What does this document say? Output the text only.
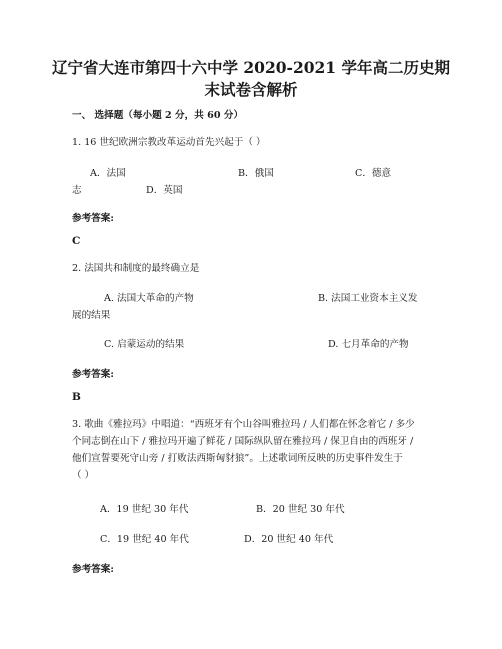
辽宁省大连市第四十六中学 2020-2021 学年高二历史期
末试卷含解析
一、 选择题（每小题 2 分，共 60 分）
1. 16 世纪欧洲宗教改革运动首先兴起于（ ）
A．法国	B．俄国	C．德意
志	D．英国
参考答案:
C
2. 法国共和制度的最终确立是
A. 法国大革命的产物	B. 法国工业资本主义发
展的结果
C. 启蒙运动的结果	D. 七月革命的产物
参考答案:
B
3. 歌曲《雅拉玛》中唱道：“西班牙有个山谷叫雅拉玛 / 人们都在怀念着它 / 多少
个同志倒在山下 / 雅拉玛开遍了鲜花 / 国际纵队留在雅拉玛 / 保卫自由的西班牙 /
他们宣誓要死守山旁 / 打败法西斯匈豺狼”。上述歌词所反映的历史事件发生于
（ ）
A．19 世纪 30 年代	B．20 世纪 30 年代
C．19 世纪 40 年代	D．20 世纪 40 年代
参考答案:
